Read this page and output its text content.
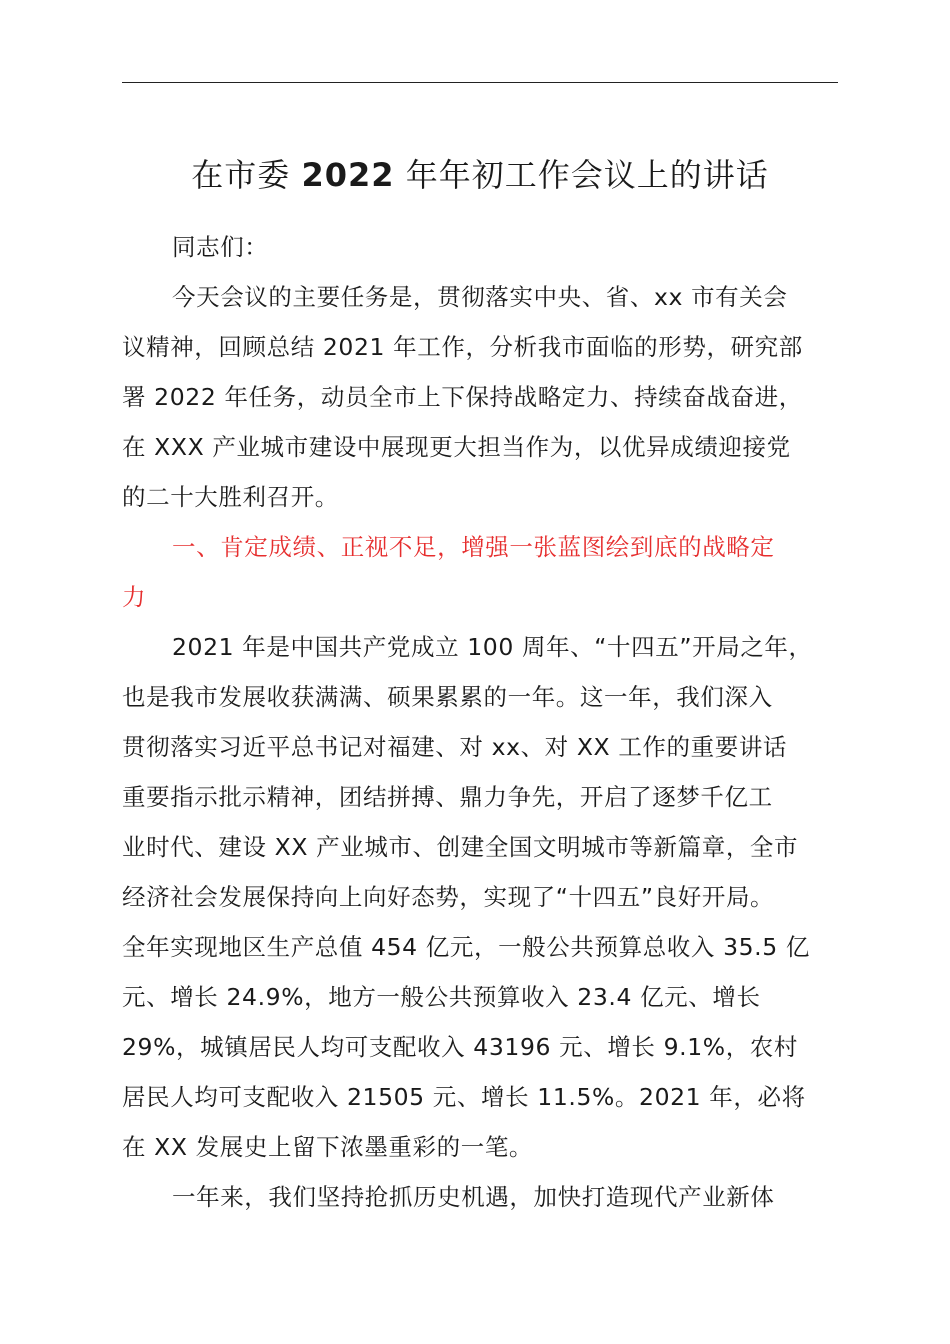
在市委 2022 年年初工作会议上的讲话
同志们：
今天会议的主要任务是，贯彻落实中央、省、xx 市有关会
议精神，回顾总结 2021 年工作，分析我市面临的形势，研究部
署 2022 年任务，动员全市上下保持战略定力、持续奋战奋进，
在 XXX 产业城市建设中展现更大担当作为，以优异成绩迎接党
的二十大胜利召开。
一、肯定成绩、正视不足，增强一张蓝图绘到底的战略定
力
2021 年是中国共产党成立 100 周年、“十四五”开局之年，
也是我市发展收获满满、硕果累累的一年。这一年，我们深入
贯彻落实习近平总书记对福建、对 xx、对 XX 工作的重要讲话
重要指示批示精神，团结拼搏、鼎力争先，开启了逐梦千亿工
业时代、建设 XX 产业城市、创建全国文明城市等新篇章，全市
经济社会发展保持向上向好态势，实现了“十四五”良好开局。
全年实现地区生产总值 454 亿元，一般公共预算总收入 35.5 亿
元、增长 24.9%，地方一般公共预算收入 23.4 亿元、增长
29%，城镇居民人均可支配收入 43196 元、增长 9.1%，农村
居民人均可支配收入 21505 元、增长 11.5%。2021 年，必将
在 XX 发展史上留下浓墨重彩的一笔。
一年来，我们坚持抢抓历史机遇，加快打造现代产业新体
